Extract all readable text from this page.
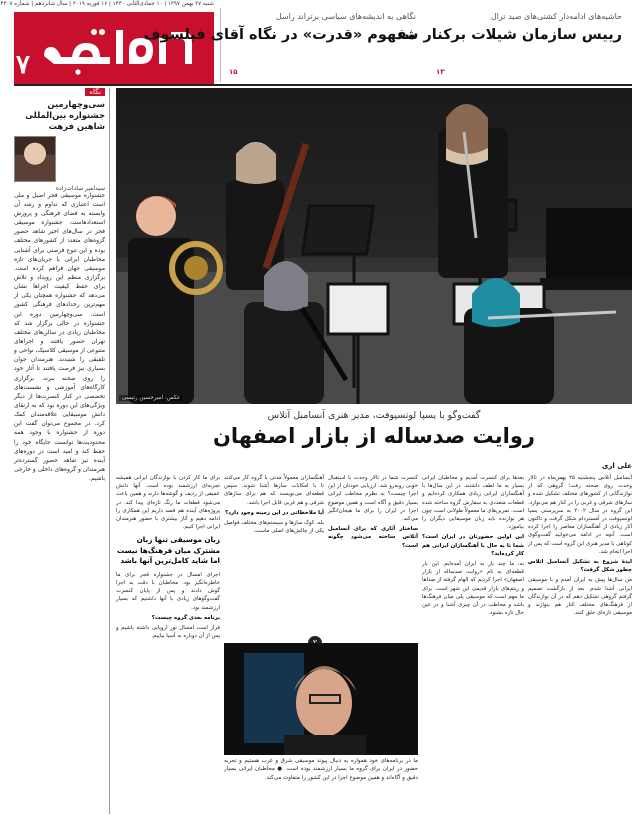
شنبه ۲۷ بهمن ۱۳۹۷ | ۱۰ جمادی‌الثانی ۱۴۴۰ | ۱۶ فوریه ۲۰۱۹ | سال شانزدهم | شماره ۴۳۰۷
۷
حاشیه‌های ادامه‌دار کشتی‌های صید ترال
رییس سازمان شیلات برکنار شد
۱۳
نگاهی به اندیشه‌های سیاسی برتراند راسل
مفهوم «قدرت» در نگاه آقای فیلسوف
۱۵
نگاه
سی‌وچهارمین جشنواره بین‌المللی شاهین فرهت
سیدامیر سادات‌زاده
جشنواره موسیقی فجر اصیل و ملی است اعتباری که تداوم و رشد آن وابسته به فضای فرهنگی و پرورش استعداد‌هاست. جشنواره موسیقی فجر در سال‌های اخیر شاهد حضور گروه‌های متعدد از کشورهای مختلف بوده و این تنوع فرصتی برای آشنایی مخاطبان ایرانی با جریان‌های تازه موسیقی جهان فراهم کرده است. برگزاری منظم این رویداد و تلاش برای حفظ کیفیت اجراها نشان می‌دهد که جشنواره همچنان یکی از مهم‌ترین رخدادهای فرهنگی کشور است. سی‌وچهارمین دوره این جشنواره در حالی برگزار شد که مخاطبان زیادی در سالن‌های مختلف تهران حضور یافتند و اجراهای متنوعی از موسیقی کلاسیک، نواحی و تلفیقی را شنیدند. هنرمندان جوان بسیاری نیز فرصت یافتند تا آثار خود را روی صحنه ببرند. برگزاری کارگاه‌های آموزشی و نشست‌های تخصصی در کنار کنسرت‌ها از دیگر ویژگی‌های این دوره بود که به ارتقای دانش موسیقایی علاقه‌مندان کمک کرد. در مجموع می‌توان گفت این دوره از جشنواره با وجود همه محدودیت‌ها توانست جایگاه خود را حفظ کند و امید است در دوره‌های آینده نیز شاهد حضور گسترده‌تر هنرمندان و گروه‌های داخلی و خارجی باشیم.
عکس: امیرحسین رئیسی
گفت‌وگو با یسپا لوتسپوفت، مدیر هنری آنسامبل آتلاس
روایت صدساله از بازار اصفهان
علی اری
آنسامبل آتلاس پنجشنبه ۲۵ بهمن‌ماه در تالار وحدت روی صحنه رفت؛ گروهی که از نوازندگانی از کشورهای مختلف تشکیل شده و سازهای شرقی و غربی را در کنار هم می‌نوازد. این گروه در سال ۲۰۰۲ به سرپرستی یسپا لوتسپوفت در آمستردام شکل گرفت و تاکنون آثار زیادی از آهنگسازان معاصر را اجرا کرده است. آنچه در ادامه می‌خوانید گفت‌وگوی کوتاهی با مدیر هنری این گروه است که پس از اجرا انجام شد.
ایدهٔ شروع به تشکیل آنسامبل اتلاس چطور شکل گرفت؟
من سال‌ها پیش به ایران آمدم و با موسیقی ایرانی آشنا شدم. بعد از بازگشت تصمیم گرفتم گروهی تشکیل دهم که در آن نوازندگان از فرهنگ‌های مختلف کنار هم بنوازند و موسیقی تازه‌ای خلق کنند.
بعدها برای کنسرت آمدیم و مخاطبان ایرانی بسیار به ما لطف داشتند. در این سال‌ها با آهنگسازان ایرانی زیادی همکاری کرده‌ایم و قطعات متعددی به سفارش گروه ساخته شده است. تمرین‌های ما معمولاً طولانی است چون هر نوازنده باید زبان موسیقایی دیگران را بیاموزد.
این اولین حضورتان در ایران است؟ شما تا به حال با آهنگسازان ایرانی هم کار کرده‌اید؟
نه، ما چند بار به ایران آمده‌ایم. این بار قطعه‌ای به نام «روایت صدساله از بازار اصفهان» اجرا کردیم که الهام گرفته از صداها و ریتم‌های بازار قدیمی این شهر است. برای ما مهم است که موسیقی پلی میان فرهنگ‌ها باشد و مخاطب در آن چیزی آشنا و در عین حال تازه بشنود.
کنسرت شما در تالار وحدت با استقبال خوبی روبه‌رو شد. ارزیابی خودتان از این اجرا چیست؟ به نظرم مخاطب ایرانی بسیار دقیق و آگاه است و همین موضوع اجرا در ایران را برای ما هیجان‌انگیز می‌کند.
ساختار آثاری که برای آنسامبل آتلاس ساخته می‌شود چگونه است؟
آهنگسازان معمولاً مدتی با گروه کار می‌کنند تا با امکانات سازها آشنا شوند. سپس قطعه‌ای می‌نویسند که هم برای سازهای شرقی و هم غربی قابل اجرا باشد.
آیا ملاحظاتی در این زمینه وجود دارد؟
بله، کوک سازها و سیستم‌های مختلف فواصل یکی از چالش‌های اصلی ماست.
برای ما کار کردن با نوازندگان ایرانی همیشه تجربه‌ای ارزشمند بوده است. آنها دانش عمیقی از ردیف و گوشه‌ها دارند و همین باعث می‌شود قطعات ما رنگ تازه‌ای پیدا کند. در پروژه‌های آینده هم قصد داریم این همکاری را ادامه دهیم و آثار بیشتری با حضور هنرمندان ایرانی اجرا کنیم.
زبان موسیقی تنها زبان مشترک میان فرهنگ‌ها نیست اما شاید کامل‌ترین آنها باشد
اجرای امسال در جشنواره فجر برای ما خاطره‌انگیز بود. مخاطبان با دقت به اجرا گوش دادند و پس از پایان کنسرت گفت‌وگوهای زیادی با آنها داشتیم که بسیار ارزشمند بود.
برنامه بعدی گروه چیست؟
قرار است امسال تور اروپایی داشته باشیم و پس از آن دوباره به آسیا بیاییم.
ما در برنامه‌های خود همواره به دنبال پیوند موسیقی شرق و غرب هستیم و تجربه حضور در ایران برای گروه ما بسیار ارزشمند بوده است. ● مخاطبان ایرانی بسیار دقیق و آگاه‌اند و همین موضوع اجرا در این کشور را متفاوت می‌کند.
